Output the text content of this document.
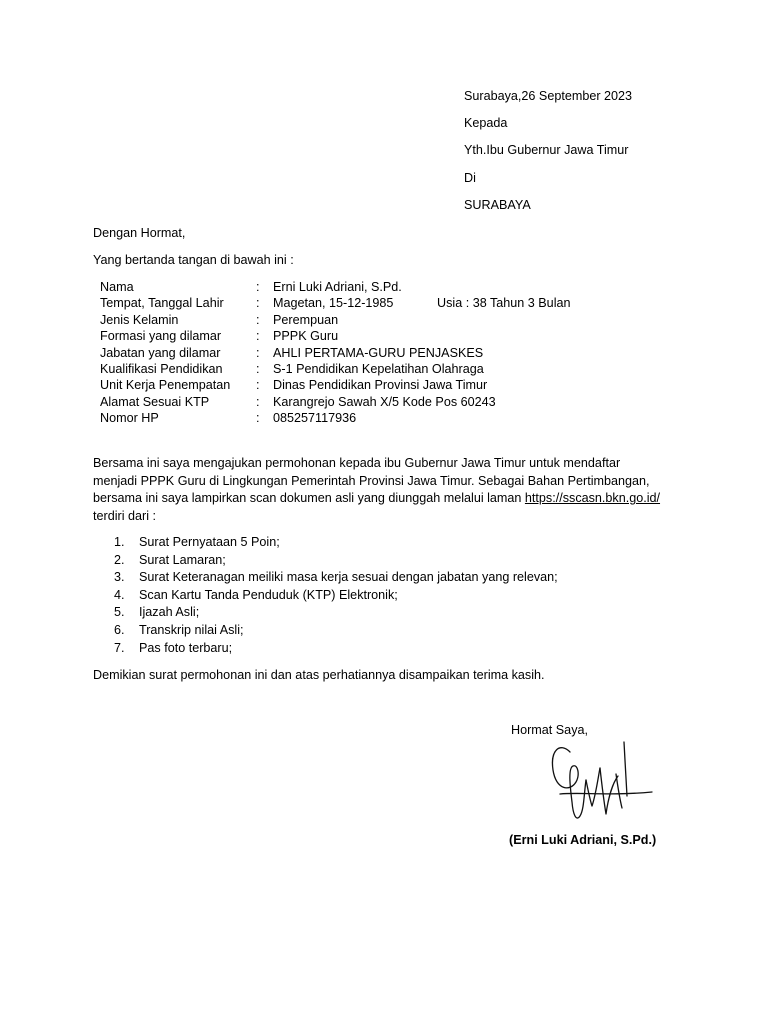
Surabaya,26 September 2023
Kepada
Yth.Ibu Gubernur Jawa Timur
Di
SURABAYA
Dengan Hormat,
Yang bertanda tangan di bawah ini :
Nama	: Erni Luki Adriani, S.Pd.
Tempat, Tanggal Lahir	: Magetan, 15-12-1985	Usia : 38 Tahun 3 Bulan
Jenis Kelamin	: Perempuan
Formasi yang dilamar	: PPPK Guru
Jabatan yang dilamar	: AHLI PERTAMA-GURU PENJASKES
Kualifikasi Pendidikan	: S-1 Pendidikan Kepelatihan Olahraga
Unit Kerja Penempatan : Dinas Pendidikan Provinsi Jawa Timur
Alamat Sesuai KTP	: Karangrejo Sawah X/5 Kode Pos 60243
Nomor HP	: 085257117936
Bersama ini saya mengajukan permohonan kepada ibu Gubernur Jawa Timur untuk mendaftar
menjadi PPPK Guru di Lingkungan Pemerintah Provinsi Jawa Timur. Sebagai Bahan Pertimbangan,
bersama ini saya lampirkan scan dokumen asli yang diunggah melalui laman https://sscasn.bkn.go.id/
terdiri dari :
1. Surat Pernyataan 5 Poin;
2. Surat Lamaran;
3. Surat Keteranagan meiliki masa kerja sesuai dengan jabatan yang relevan;
4. Scan Kartu Tanda Penduduk (KTP) Elektronik;
5. Ijazah Asli;
6. Transkrip nilai Asli;
7. Pas foto terbaru;
Demikian surat permohonan ini dan atas perhatiannya disampaikan terima kasih.
Hormat Saya,
(Erni Luki Adriani, S.Pd.)
